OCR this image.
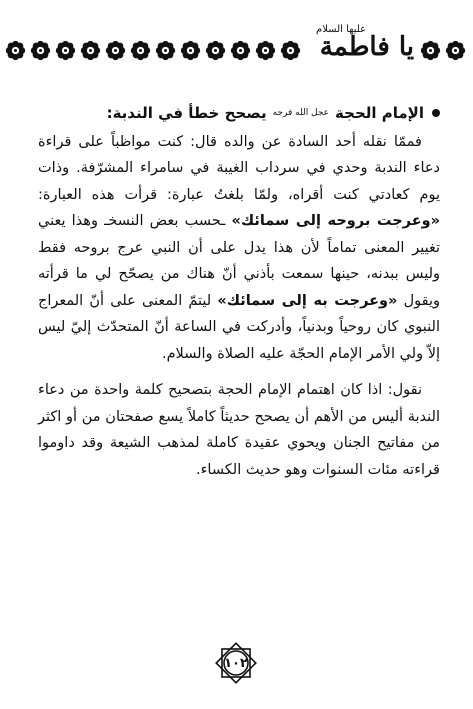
عليها السلام
يا فاطمة
الإمام الحجة
عجل الله فرجه
يصحح خطأ في الندبة:

فممّا نقله أحد السادة عن والده قال: كنت مواظباً على قراءة دعاء الندبة وحدي في سرداب الغيبة في سامراء المشرّفة. وذات يوم كعادتي كنت أقراه، ولمّا بلغتُ عبارة: قرأت هذه العبارة: «وعرجت بروحه إلى سمائك» ـحسب بعض النسخـ وهذا يعني تغيير المعنى تماماً لأن هذا يدل على أن النبي عرج بروحه فقط وليس ببدنه، حينها سمعت بأذني أنّ هناك من يصحّح لي ما قرأته ويقول «وعرجت به إلى سمائك» ليتمّ المعنى على أنّ المعراج النبوي كان روحياً وبدنياً، وأدركت في الساعة أنّ المتحدّث إليّ ليس إلاّ ولي الأمر الإمام الحجّة عليه الصلاة والسلام.

نقول: اذا كان اهتمام الإمام الحجة بتصحيح كلمة واحدة من دعاء الندبة أليس من الأهم أن يصحح حديثاً كاملاً يسع صفحتان من أو اكثر من مفاتيح الجنان ويحوي عقيدة كاملة لمذهب الشيعة وقد داوموا قراءته مئات السنوات وهو حديث الكساء.

١٠٢
